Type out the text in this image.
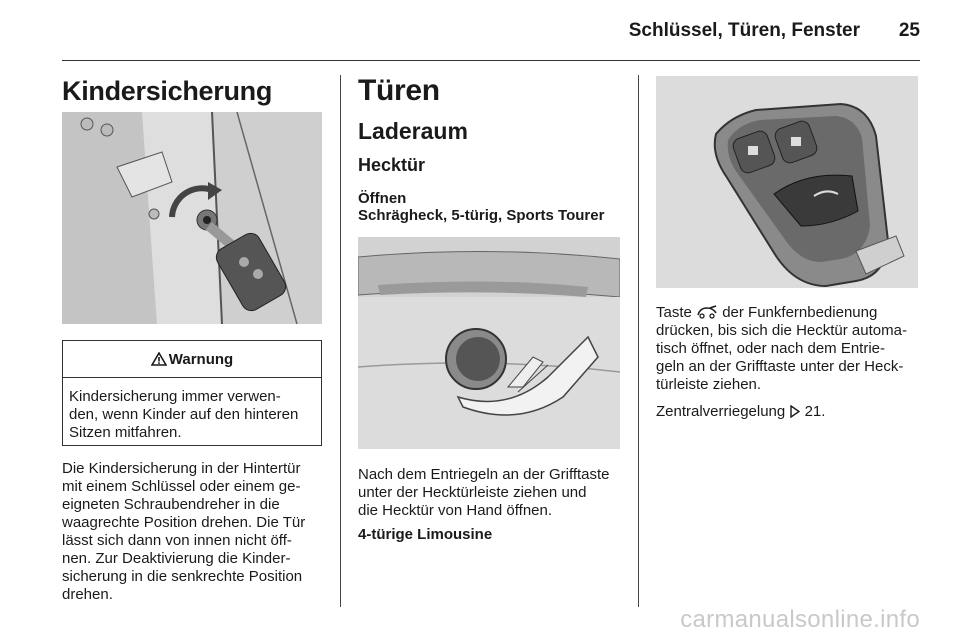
Schlüssel, Türen, Fenster	25
Kindersicherung
Warnung
Kindersicherung immer verwen-
den, wenn Kinder auf den hinteren
Sitzen mitfahren.
Die Kindersicherung in der Hintertür
mit einem Schlüssel oder einem ge-
eigneten Schraubendreher in die
waagrechte Position drehen. Die Tür
lässt sich dann von innen nicht öff-
nen. Zur Deaktivierung die Kinder-
sicherung in die senkrechte Position
drehen.
Türen
Laderaum
Hecktür
Öffnen
Schrägheck, 5-türig, Sports Tourer
Nach dem Entriegeln an der Grifftaste
unter der Hecktürleiste ziehen und
die Hecktür von Hand öffnen.
4-türige Limousine
Taste der Funkfernbedienung
drücken, bis sich die Hecktür automa-
tisch öffnet, oder nach dem Entrie-
geln an der Grifftaste unter der Heck-
türleiste ziehen.
Zentralverriegelung 21.
carmanualsonline.info
